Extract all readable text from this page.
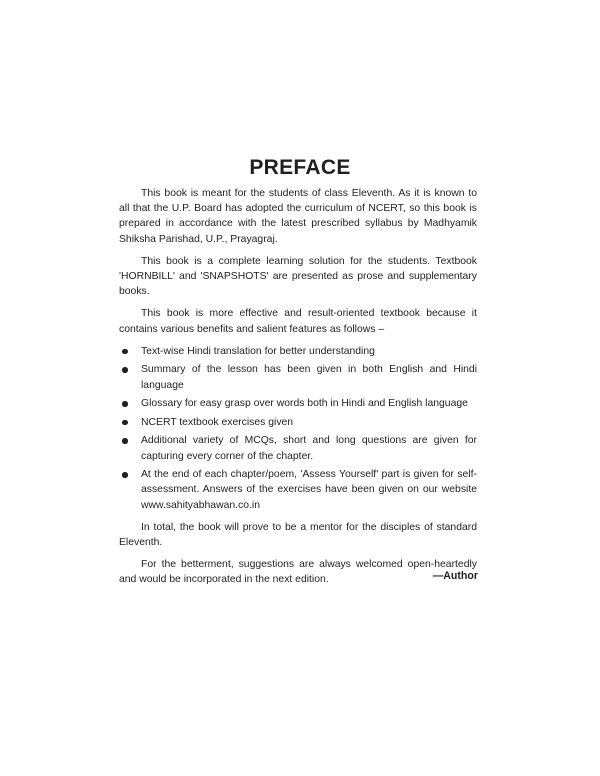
PREFACE

This book is meant for the students of class Eleventh. As it is known to all that the U.P. Board has adopted the curriculum of NCERT, so this book is prepared in accordance with the latest prescribed syllabus by Madhyamik Shiksha Parishad, U.P., Prayagraj.

This book is a complete learning solution for the students. Textbook 'HORNBILL' and 'SNAPSHOTS' are presented as prose and supplementary books.

This book is more effective and result-oriented textbook because it contains various benefits and salient features as follows –

Text-wise Hindi translation for better understanding
Summary of the lesson has been given in both English and Hindi language
Glossary for easy grasp over words both in Hindi and English language
NCERT textbook exercises given
Additional variety of MCQs, short and long questions are given for capturing every corner of the chapter.
At the end of each chapter/poem, 'Assess Yourself' part is given for self-assessment. Answers of the exercises have been given on our website www.sahityabhawan.co.in

In total, the book will prove to be a mentor for the disciples of standard Eleventh.

For the betterment, suggestions are always welcomed open-heartedly and would be incorporated in the next edition.	—Author
